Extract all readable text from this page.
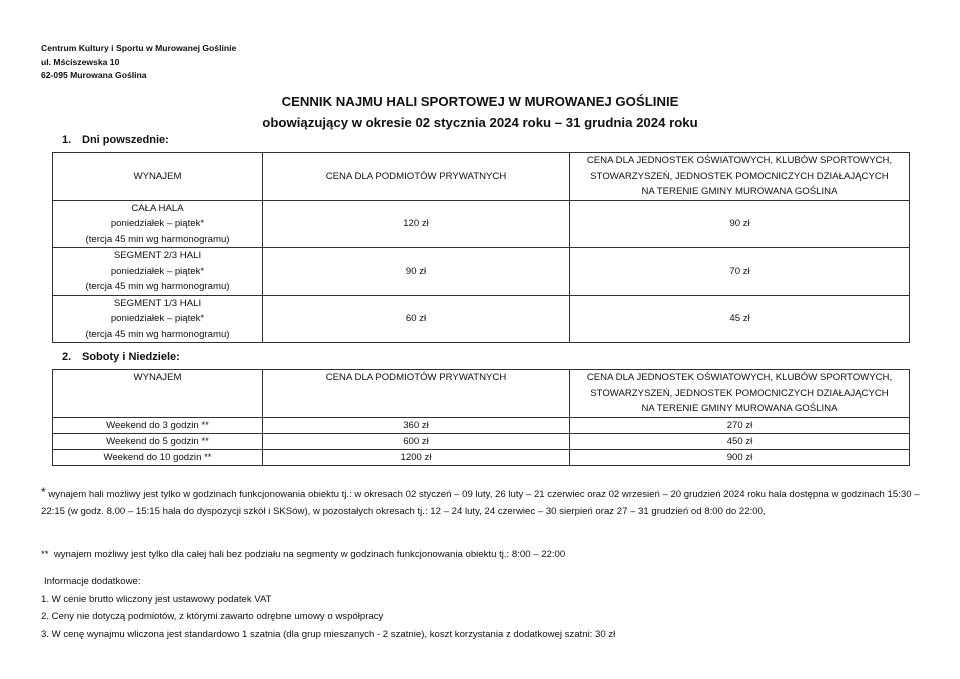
Centrum Kultury i Sportu w Murowanej Goślinie
ul. Mściszewska 10
62-095 Murowana Goślina
CENNIK NAJMU HALI SPORTOWEJ W MUROWANEJ GOŚLINIE
obowiązujący w okresie 02 stycznia 2024 roku – 31 grudnia 2024 roku
1. Dni powszednie:
WYNAJEM	CENA DLA PODMIOTÓW PRYWATNYCH	CENA DLA JEDNOSTEK OŚWIATOWYCH, KLUBÓW SPORTOWYCH,
STOWARZYSZEŃ, JEDNOSTEK POMOCNICZYCH DZIAŁAJĄCYCH
NA TERENIE GMINY MUROWANA GOŚLINA

CAŁA HALA
poniedziałek – piątek*
(tercja 45 min wg harmonogramu)	120 zł	90 zł

SEGMENT 2/3 HALI
poniedziałek – piątek*
(tercja 45 min wg harmonogramu)	90 zł	70 zł

SEGMENT 1/3 HALI
poniedziałek – piątek*
(tercja 45 min wg harmonogramu)	60 zł	45 zł
2. Soboty i Niedziele:
WYNAJEM	CENA DLA PODMIOTÓW PRYWATNYCH	CENA DLA JEDNOSTEK OŚWIATOWYCH, KLUBÓW SPORTOWYCH,
STOWARZYSZEŃ, JEDNOSTEK POMOCNICZYCH DZIAŁAJĄCYCH
NA TERENIE GMINY MUROWANA GOŚLINA

Weekend do 3 godzin **	360 zł	270 zł
Weekend do 5 godzin **	600 zł	450 zł
Weekend do 10 godzin **	1200 zł	900 zł
* wynajem hali możliwy jest tylko w godzinach funkcjonowania obiektu tj.: w okresach 02 styczeń – 09 luty, 26 luty – 21 czerwiec oraz 02 wrzesień – 20 grudzień 2024 roku hala dostępna w godzinach 15:30 – 22:15 (w godz. 8.00 – 15:15 hala do dyspozycji szkół i SKSów), w pozostałych okresach tj.: 12 – 24 luty, 24 czerwiec – 30 sierpień oraz 27 – 31 grudzień od 8:00 do 22:00,
** wynajem możliwy jest tylko dla całej hali bez podziału na segmenty w godzinach funkcjonowania obiektu tj.: 8:00 – 22:00
Informacje dodatkowe:
1. W cenie brutto wliczony jest ustawowy podatek VAT
2. Ceny nie dotyczą podmiotów, z którymi zawarto odrębne umowy o współpracy
3. W cenę wynajmu wliczona jest standardowo 1 szatnia (dla grup mieszanych - 2 szatnie), koszt korzystania z dodatkowej szatni: 30 zł
